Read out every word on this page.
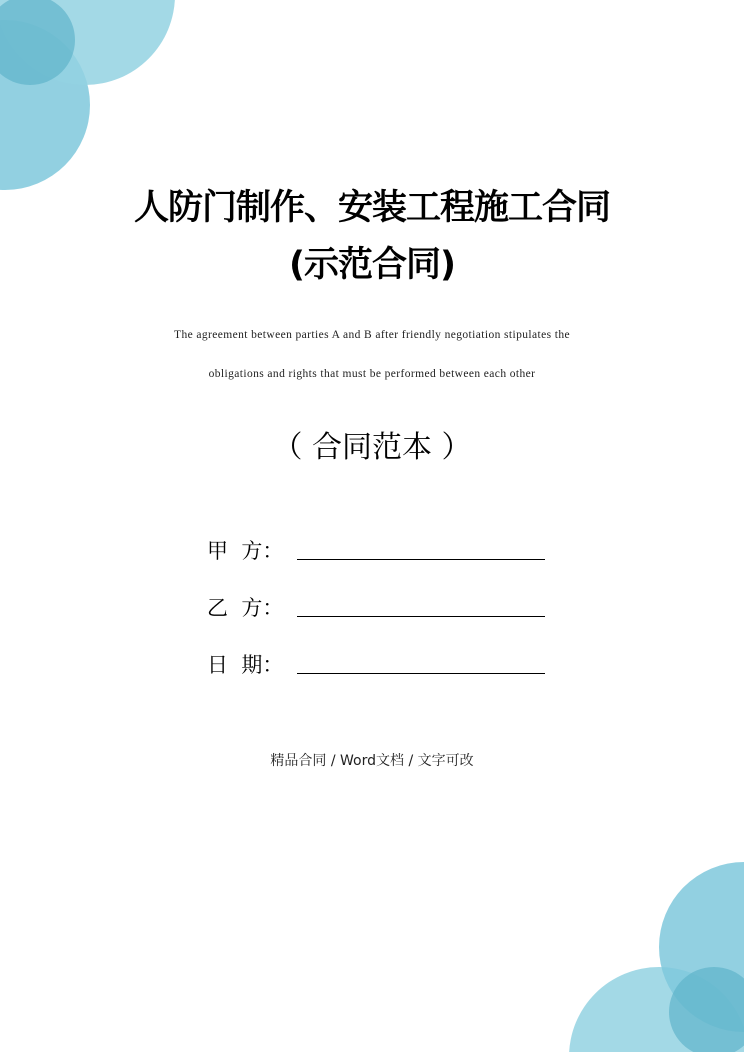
人防门制作、安装工程施工合同
(示范合同)
The agreement between parties A and B after friendly negotiation stipulates the
obligations and rights that must be performed between each other
（ 合同范本 ）
甲  方：
乙  方：
日  期：
精品合同 / Word文档 / 文字可改
